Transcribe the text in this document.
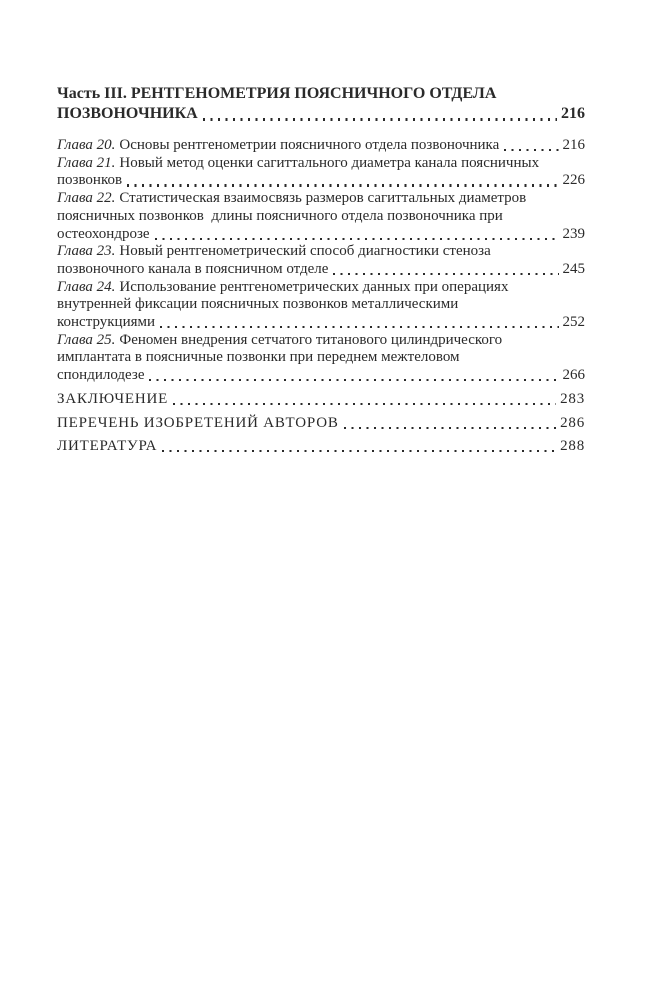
Часть III. РЕНТГЕНОМЕТРИЯ ПОЯСНИЧНОГО ОТДЕЛА
ПОЗВОНОЧНИКА	216
Глава 20. Основы рентгенометрии поясничного отдела позвоночника	216
Глава 21. Новый метод оценки сагиттального диаметра канала поясничных
позвонков	226
Глава 22. Статистическая взаимосвязь размеров сагиттальных диаметров
поясничных позвонков  длины поясничного отдела позвоночника при
остеохондрозе	239
Глава 23. Новый рентгенометрический способ диагностики стеноза
позвоночного канала в поясничном отделе	245
Глава 24. Использование рентгенометрических данных при операциях
внутренней фиксации поясничных позвонков металлическими
конструкциями	252
Глава 25. Феномен внедрения сетчатого титанового цилиндрического
имплантата в поясничные позвонки при переднем межтеловом
спондилодезе	266
ЗАКЛЮЧЕНИЕ	283
ПЕРЕЧЕНЬ ИЗОБРЕТЕНИЙ АВТОРОВ	286
ЛИТЕРАТУРА	288
